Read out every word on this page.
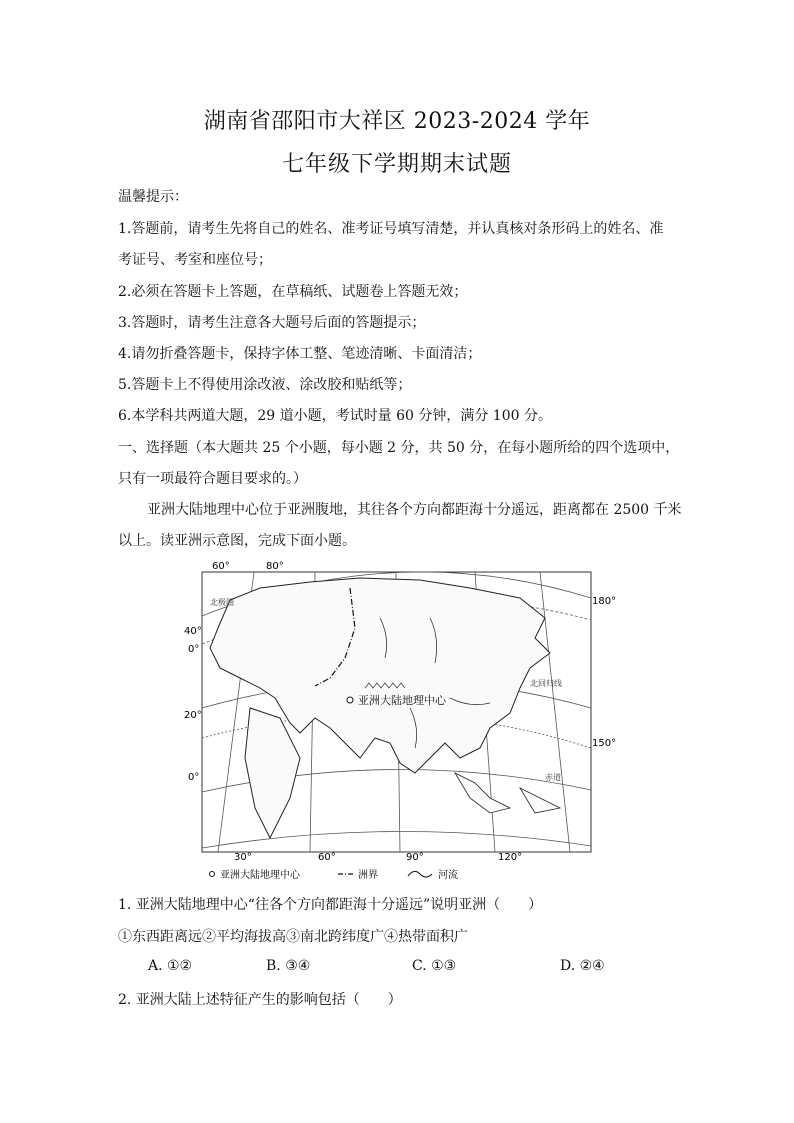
湖南省邵阳市大祥区 2023-2024 学年
七年级下学期期末试题
温馨提示：
1.答题前，请考生先将自己的姓名、准考证号填写清楚，并认真核对条形码上的姓名、准
考证号、考室和座位号；
2.必须在答题卡上答题，在草稿纸、试题卷上答题无效；
3.答题时，请考生注意各大题号后面的答题提示；
4.请勿折叠答题卡，保持字体工整、笔迹清晰、卡面清洁；
5.答题卡上不得使用涂改液、涂改胶和贴纸等；
6.本学科共两道大题，29 道小题，考试时量 60 分钟，满分 100 分。
一、选择题（本大题共 25 个小题，每小题 2 分，共 50 分，在每小题所给的四个选项中，
只有一项最符合题目要求的。）
亚洲大陆地理中心位于亚洲腹地，其往各个方向都距海十分遥远，距离都在 2500 千米
以上。读亚洲示意图，完成下面小题。
亚洲大陆地理中心
北极圈
北回归线
赤道
60°	80°
40°
0°
20°
0°
180°
150°
30°	60°	90°	120°
亚洲大陆地理中心	洲界	河流
1. 亚洲大陆地理中心“往各个方向都距海十分遥远”说明亚洲（　　）
①东西距离远②平均海拔高③南北跨纬度广④热带面积广
A. ①②	B. ③④	C. ①③	D. ②④
2. 亚洲大陆上述特征产生的影响包括（　　）
